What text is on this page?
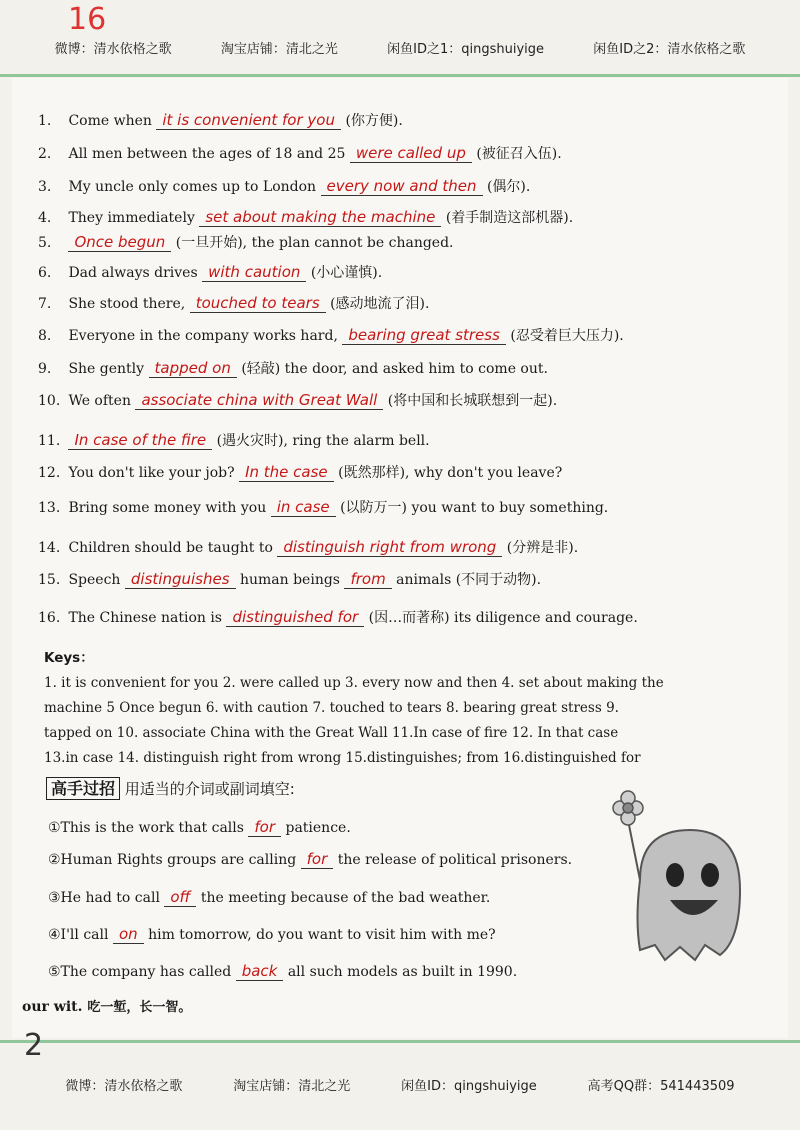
微博：清水依格之歌	淘宝店铺：清北之光	闲鱼ID之1：qingshuiyige	闲鱼ID之2：清水依格之歌
16
1. Come when it is convenient for you (你方便).
2. All men between the ages of 18 and 25 were called up (被征召入伍).
3. My uncle only comes up to London every now and then (偶尔).
4. They immediately set about making the machine (着手制造这部机器).
5. Once begun (一旦开始), the plan cannot be changed.
6. Dad always drives with caution (小心谨慎).
7. She stood there, touched to tears (感动地流了泪).
8. Everyone in the company works hard, bearing great stress (忍受着巨大压力).
9. She gently tapped on (轻敲) the door, and asked him to come out.
10. We often associate china with Great Wall (将中国和长城联想到一起).
11. In case of the fire (遇火灾时), ring the alarm bell.
12. You don't like your job? In the case (既然那样), why don't you leave?
13. Bring some money with you in case (以防万一) you want to buy something.
14. Children should be taught to distinguish right from wrong (分辨是非).
15. Speech distinguishes human beings from animals (不同于动物).
16. The Chinese nation is distinguished for (因…而著称) its diligence and courage.
Keys：
1. it is convenient for you 2. were called up 3. every now and then 4. set about making the
machine 5 Once begun 6. with caution 7. touched to tears 8. bearing great stress 9.
tapped on 10. associate China with the Great Wall 11.In case of fire 12. In that case
13.in case 14. distinguish right from wrong 15.distinguishes; from 16.distinguished for
高手过招 用适当的介词或副词填空:
①This is the work that calls for patience.
②Human Rights groups are calling for the release of political prisoners.
③He had to call off the meeting because of the bad weather.
④I'll call on him tomorrow, do you want to visit him with me?
⑤The company has called back all such models as built in 1990.
our wit. 吃一堑，长一智。
2
微博：清水依格之歌	淘宝店铺：清北之光	闲鱼ID：qingshuiyige	高考QQ群：541443509
